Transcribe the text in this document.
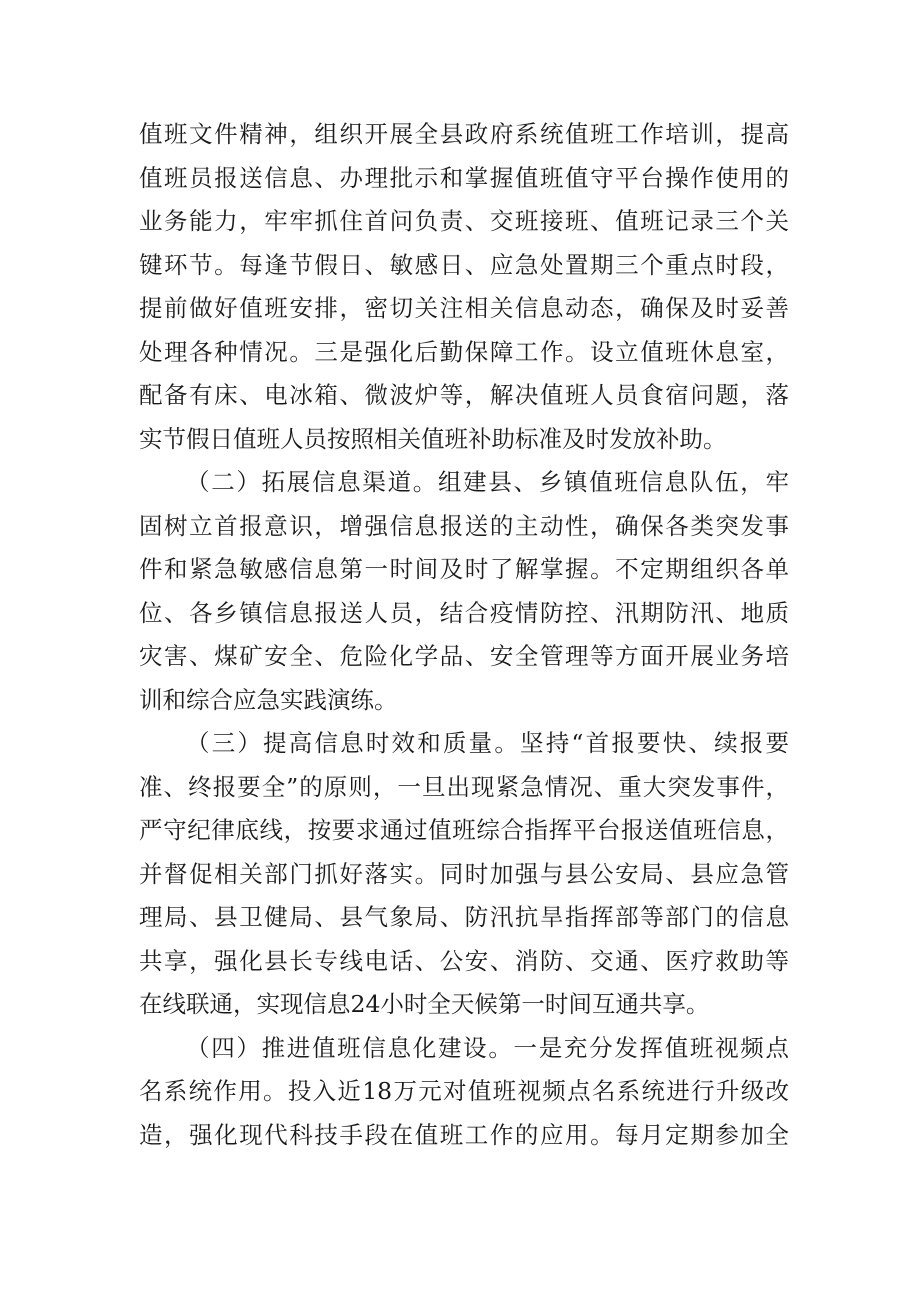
值班文件精神，组织开展全县政府系统值班工作培训，提高
值班员报送信息、办理批示和掌握值班值守平台操作使用的
业务能力，牢牢抓住首问负责、交班接班、值班记录三个关
键环节。每逢节假日、敏感日、应急处置期三个重点时段，
提前做好值班安排，密切关注相关信息动态，确保及时妥善
处理各种情况。三是强化后勤保障工作。设立值班休息室，
配备有床、电冰箱、微波炉等，解决值班人员食宿问题，落
实节假日值班人员按照相关值班补助标准及时发放补助。
（二）拓展信息渠道。组建县、乡镇值班信息队伍，牢
固树立首报意识，增强信息报送的主动性，确保各类突发事
件和紧急敏感信息第一时间及时了解掌握。不定期组织各单
位、各乡镇信息报送人员，结合疫情防控、汛期防汛、地质
灾害、煤矿安全、危险化学品、安全管理等方面开展业务培
训和综合应急实践演练。
（三）提高信息时效和质量。坚持“首报要快、续报要
准、终报要全”的原则，一旦出现紧急情况、重大突发事件，
严守纪律底线，按要求通过值班综合指挥平台报送值班信息，
并督促相关部门抓好落实。同时加强与县公安局、县应急管
理局、县卫健局、县气象局、防汛抗旱指挥部等部门的信息
共享，强化县长专线电话、公安、消防、交通、医疗救助等
在线联通，实现信息24小时全天候第一时间互通共享。
（四）推进值班信息化建设。一是充分发挥值班视频点
名系统作用。投入近18万元对值班视频点名系统进行升级改
造，强化现代科技手段在值班工作的应用。每月定期参加全
